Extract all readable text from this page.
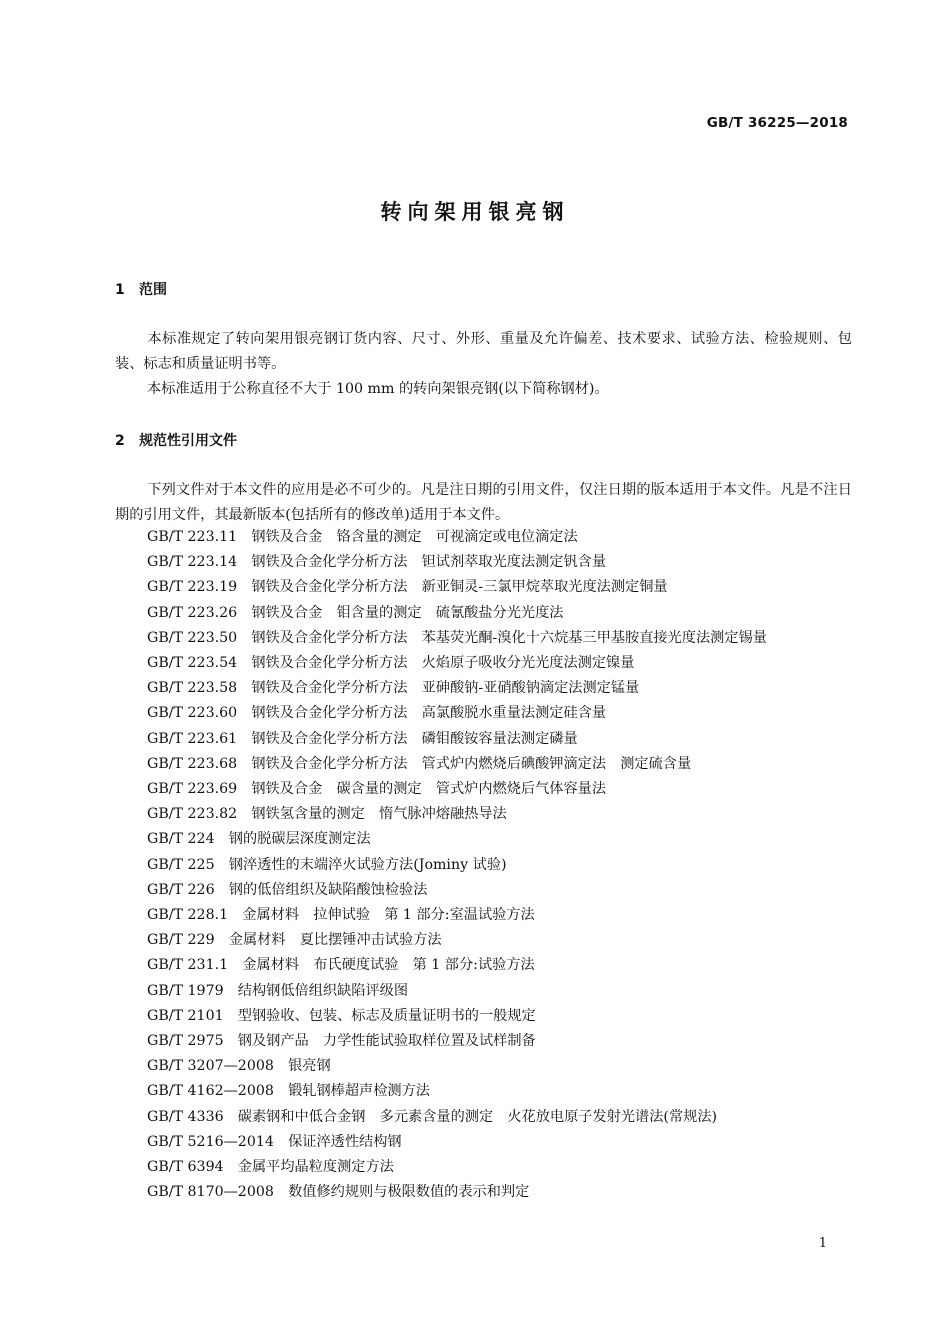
GB/T 36225—2018
转向架用银亮钢
1 范围
本标准规定了转向架用银亮钢订货内容、尺寸、外形、重量及允许偏差、技术要求、试验方法、检验规则、包装、标志和质量证明书等。
本标准适用于公称直径不大于 100 mm 的转向架银亮钢(以下简称钢材)。
2 规范性引用文件
下列文件对于本文件的应用是必不可少的。凡是注日期的引用文件，仅注日期的版本适用于本文件。凡是不注日期的引用文件，其最新版本(包括所有的修改单)适用于本文件。
GB/T 223.11　钢铁及合金　铬含量的测定　可视滴定或电位滴定法
GB/T 223.14　钢铁及合金化学分析方法　钽试剂萃取光度法测定钒含量
GB/T 223.19　钢铁及合金化学分析方法　新亚铜灵-三氯甲烷萃取光度法测定铜量
GB/T 223.26　钢铁及合金　钼含量的测定　硫氰酸盐分光光度法
GB/T 223.50　钢铁及合金化学分析方法　苯基荧光酮-溴化十六烷基三甲基胺直接光度法测定锡量
GB/T 223.54　钢铁及合金化学分析方法　火焰原子吸收分光光度法测定镍量
GB/T 223.58　钢铁及合金化学分析方法　亚砷酸钠-亚硝酸钠滴定法测定锰量
GB/T 223.60　钢铁及合金化学分析方法　高氯酸脱水重量法测定硅含量
GB/T 223.61　钢铁及合金化学分析方法　磷钼酸铵容量法测定磷量
GB/T 223.68　钢铁及合金化学分析方法　管式炉内燃烧后碘酸钾滴定法　测定硫含量
GB/T 223.69　钢铁及合金　碳含量的测定　管式炉内燃烧后气体容量法
GB/T 223.82　钢铁氢含量的测定　惰气脉冲熔融热导法
GB/T 224　钢的脱碳层深度测定法
GB/T 225　钢淬透性的末端淬火试验方法(Jominy 试验)
GB/T 226　钢的低倍组织及缺陷酸蚀检验法
GB/T 228.1　金属材料　拉伸试验　第 1 部分:室温试验方法
GB/T 229　金属材料　夏比摆锤冲击试验方法
GB/T 231.1　金属材料　布氏硬度试验　第 1 部分:试验方法
GB/T 1979　结构钢低倍组织缺陷评级图
GB/T 2101　型钢验收、包装、标志及质量证明书的一般规定
GB/T 2975　钢及钢产品　力学性能试验取样位置及试样制备
GB/T 3207—2008　银亮钢
GB/T 4162—2008　锻轧钢棒超声检测方法
GB/T 4336　碳素钢和中低合金钢　多元素含量的测定　火花放电原子发射光谱法(常规法)
GB/T 5216—2014　保证淬透性结构钢
GB/T 6394　金属平均晶粒度测定方法
GB/T 8170—2008　数值修约规则与极限数值的表示和判定
1
